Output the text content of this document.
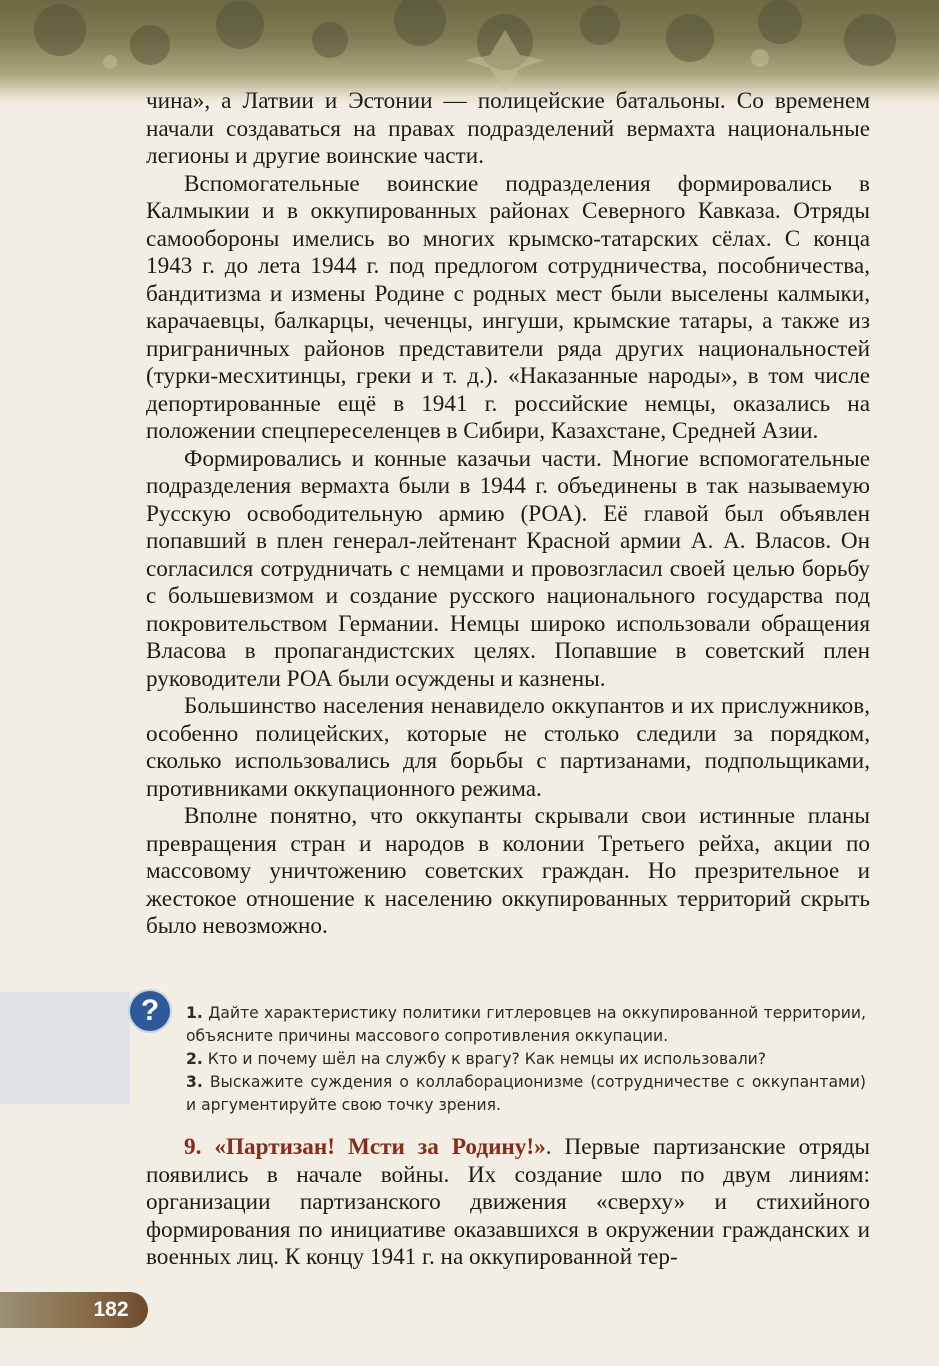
чина», а Латвии и Эстонии — полицейские батальоны. Со временем начали создаваться на правах подразделений вермахта национальные легионы и другие воинские части.

Вспомогательные воинские подразделения формировались в Калмыкии и в оккупированных районах Северного Кавказа. Отряды самообороны имелись во многих крымско-татарских сёлах. С конца 1943 г. до лета 1944 г. под предлогом сотрудничества, пособничества, бандитизма и измены Родине с родных мест были выселены калмыки, карачаевцы, балкарцы, чеченцы, ингуши, крымские татары, а также из приграничных районов представители ряда других национальностей (турки-месхитинцы, греки и т. д.). «Наказанные народы», в том числе депортированные ещё в 1941 г. российские немцы, оказались на положении спецпереселенцев в Сибири, Казахстане, Средней Азии.

Формировались и конные казачьи части. Многие вспомогательные подразделения вермахта были в 1944 г. объединены в так называемую Русскую освободительную армию (РОА). Её главой был объявлен попавший в плен генерал-лейтенант Красной армии А. А. Власов. Он согласился сотрудничать с немцами и провозгласил своей целью борьбу с большевизмом и создание русского национального государства под покровительством Германии. Немцы широко использовали обращения Власова в пропагандистских целях. Попавшие в советский плен руководители РОА были осуждены и казнены.

Большинство населения ненавидело оккупантов и их прислужников, особенно полицейских, которые не столько следили за порядком, сколько использовались для борьбы с партизанами, подпольщиками, противниками оккупационного режима.

Вполне понятно, что оккупанты скрывали свои истинные планы превращения стран и народов в колонии Третьего рейха, акции по массовому уничтожению советских граждан. Но презрительное и жестокое отношение к населению оккупированных территорий скрыть было невозможно.

?	1. Дайте характеристику политики гитлеровцев на оккупированной территории, объясните причины массового сопротивления оккупации.

2. Кто и почему шёл на службу к врагу? Как немцы их использовали?

3. Выскажите суждения о коллаборационизме (сотрудничестве с оккупантами) и аргументируйте свою точку зрения.

9. «Партизан! Мсти за Родину!». Первые партизанские отряды появились в начале войны. Их создание шло по двум линиям: организации партизанского движения «сверху» и стихийного формирования по инициативе оказавшихся в окружении гражданских и военных лиц. К концу 1941 г. на оккупированной тер-

182
